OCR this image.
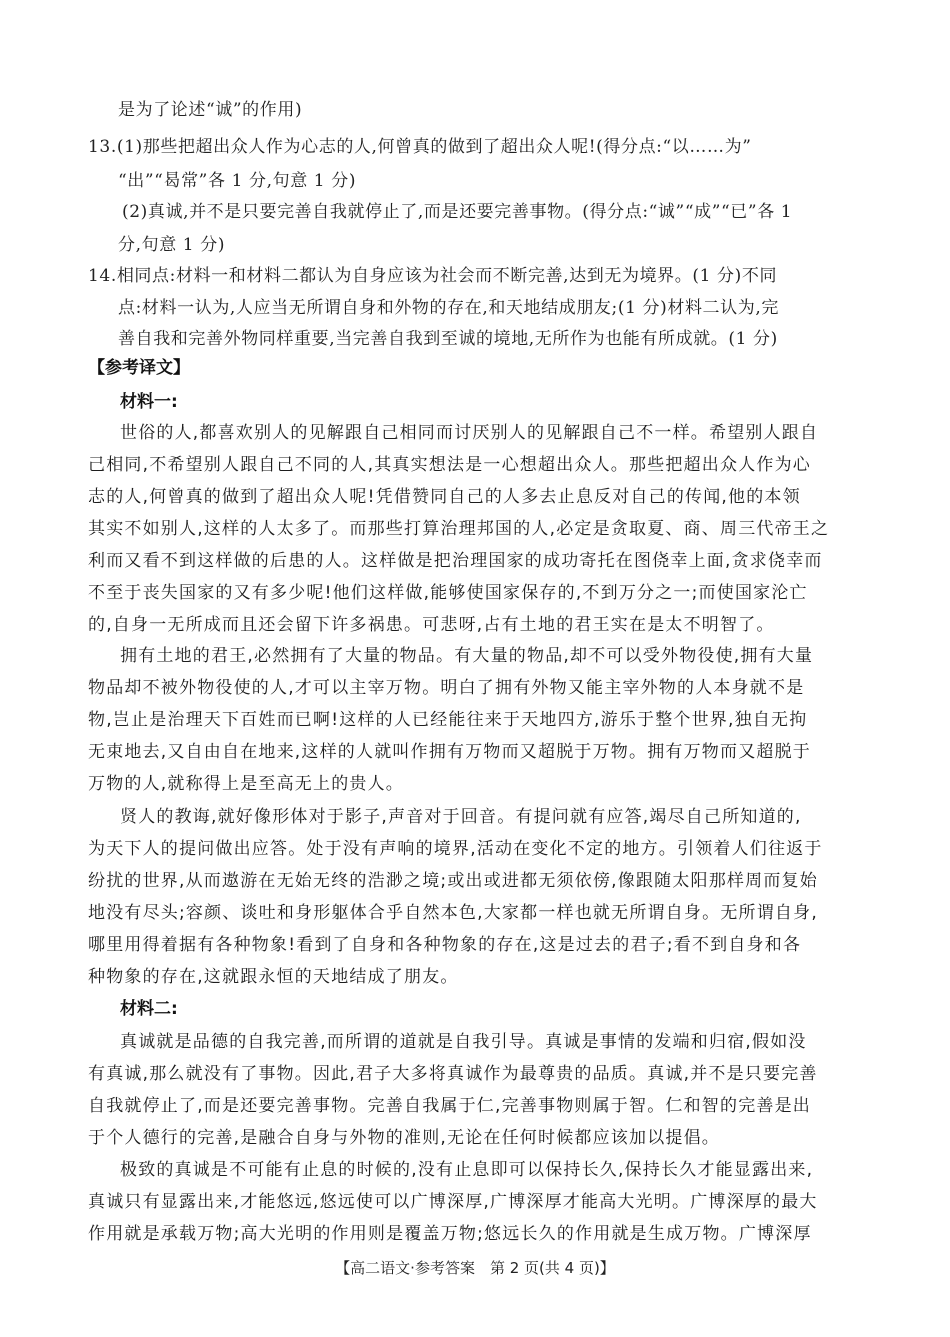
是为了论述“诚”的作用)
13.(1)那些把超出众人作为心志的人,何曾真的做到了超出众人呢!(得分点:“以……为”
“出”“曷常”各 1 分,句意 1 分)
(2)真诚,并不是只要完善自我就停止了,而是还要完善事物。(得分点:“诚”“成”“已”各 1
分,句意 1 分)
14.相同点:材料一和材料二都认为自身应该为社会而不断完善,达到无为境界。(1 分)不同
点:材料一认为,人应当无所谓自身和外物的存在,和天地结成朋友;(1 分)材料二认为,完
善自我和完善外物同样重要,当完善自我到至诚的境地,无所作为也能有所成就。(1 分)
【参考译文】
材料一:
世俗的人,都喜欢别人的见解跟自己相同而讨厌别人的见解跟自己不一样。希望别人跟自
己相同,不希望别人跟自己不同的人,其真实想法是一心想超出众人。那些把超出众人作为心
志的人,何曾真的做到了超出众人呢!凭借赞同自己的人多去止息反对自己的传闻,他的本领
其实不如别人,这样的人太多了。而那些打算治理邦国的人,必定是贪取夏、商、周三代帝王之
利而又看不到这样做的后患的人。这样做是把治理国家的成功寄托在图侥幸上面,贪求侥幸而
不至于丧失国家的又有多少呢!他们这样做,能够使国家保存的,不到万分之一;而使国家沦亡
的,自身一无所成而且还会留下许多祸患。可悲呀,占有土地的君王实在是太不明智了。
拥有土地的君王,必然拥有了大量的物品。有大量的物品,却不可以受外物役使,拥有大量
物品却不被外物役使的人,才可以主宰万物。明白了拥有外物又能主宰外物的人本身就不是
物,岂止是治理天下百姓而已啊!这样的人已经能往来于天地四方,游乐于整个世界,独自无拘
无束地去,又自由自在地来,这样的人就叫作拥有万物而又超脱于万物。拥有万物而又超脱于
万物的人,就称得上是至高无上的贵人。
贤人的教诲,就好像形体对于影子,声音对于回音。有提问就有应答,竭尽自己所知道的,
为天下人的提问做出应答。处于没有声响的境界,活动在变化不定的地方。引领着人们往返于
纷扰的世界,从而遨游在无始无终的浩渺之境;或出或进都无须依傍,像跟随太阳那样周而复始
地没有尽头;容颜、谈吐和身形躯体合乎自然本色,大家都一样也就无所谓自身。无所谓自身,
哪里用得着据有各种物象!看到了自身和各种物象的存在,这是过去的君子;看不到自身和各
种物象的存在,这就跟永恒的天地结成了朋友。
材料二:
真诚就是品德的自我完善,而所谓的道就是自我引导。真诚是事情的发端和归宿,假如没
有真诚,那么就没有了事物。因此,君子大多将真诚作为最尊贵的品质。真诚,并不是只要完善
自我就停止了,而是还要完善事物。完善自我属于仁,完善事物则属于智。仁和智的完善是出
于个人德行的完善,是融合自身与外物的准则,无论在任何时候都应该加以提倡。
极致的真诚是不可能有止息的时候的,没有止息即可以保持长久,保持长久才能显露出来,
真诚只有显露出来,才能悠远,悠远使可以广博深厚,广博深厚才能高大光明。广博深厚的最大
作用就是承载万物;高大光明的作用则是覆盖万物;悠远长久的作用就是生成万物。广博深厚
【高二语文·参考答案　第 2 页(共 4 页)】
